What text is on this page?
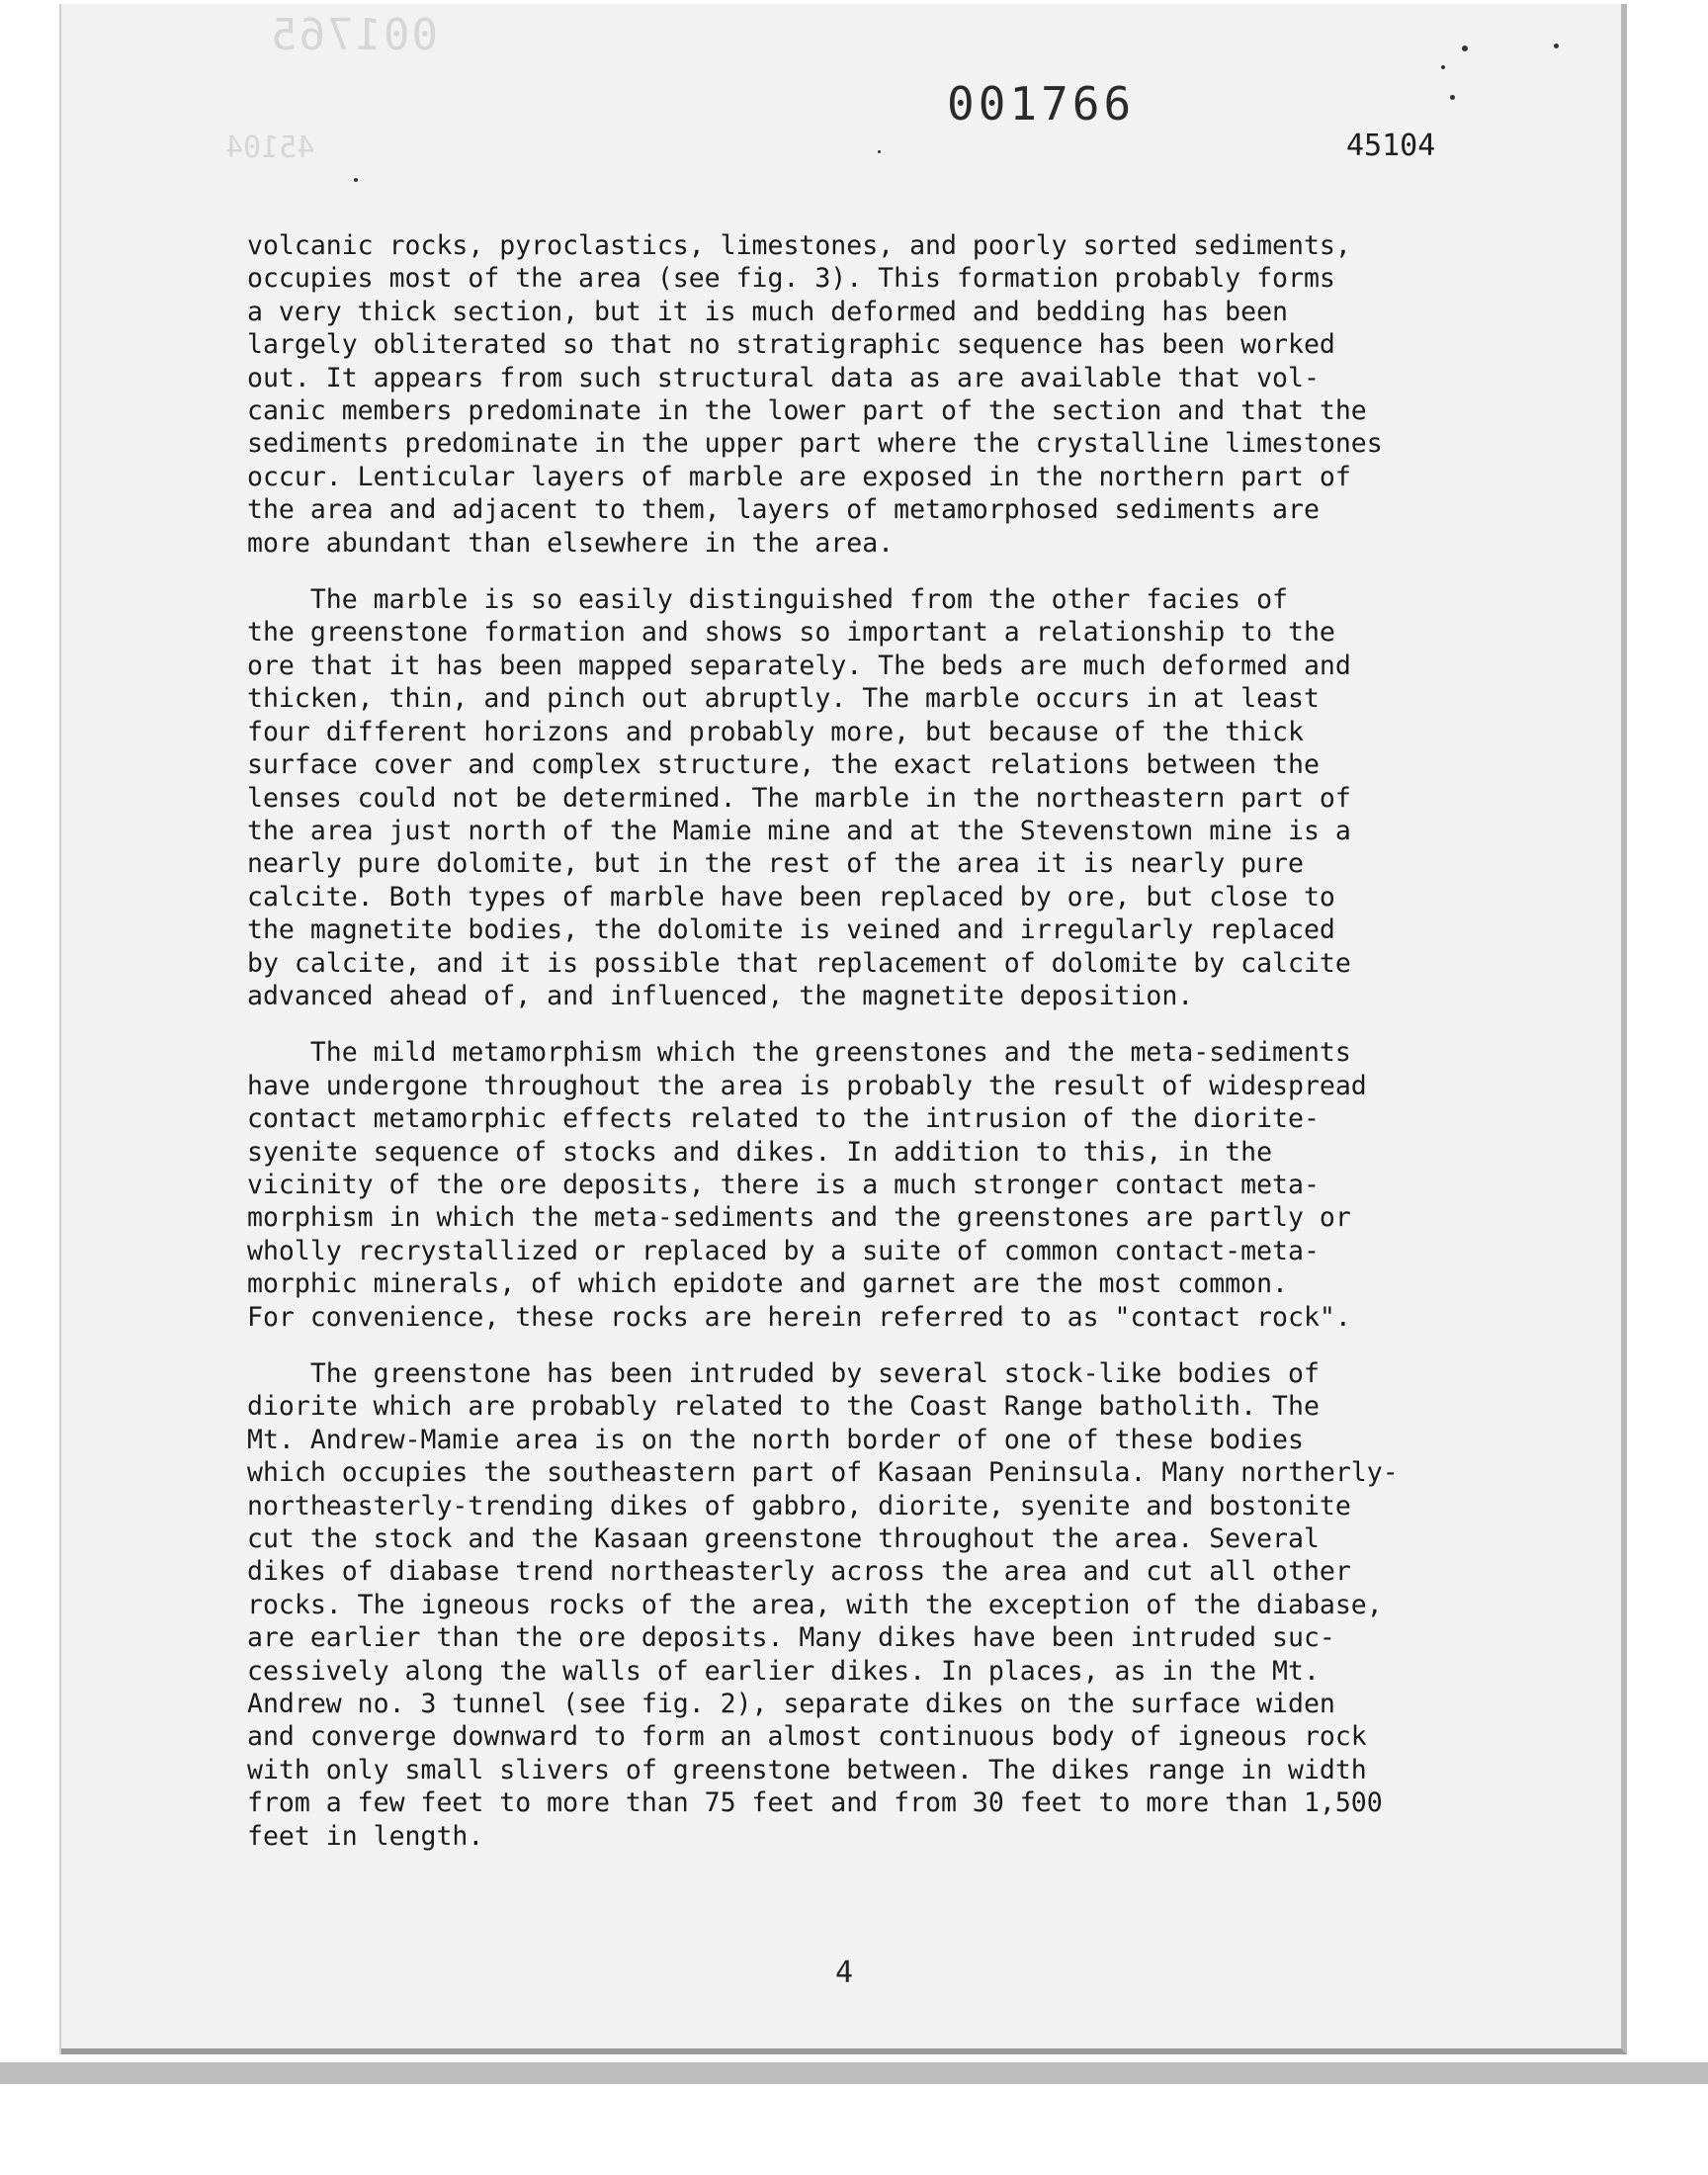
001765
45104
001766
45104
volcanic rocks, pyroclastics, limestones, and poorly sorted sediments,
occupies most of the area (see fig. 3). This formation probably forms
a very thick section, but it is much deformed and bedding has been
largely obliterated so that no stratigraphic sequence has been worked
out. It appears from such structural data as are available that vol-
canic members predominate in the lower part of the section and that the
sediments predominate in the upper part where the crystalline limestones
occur. Lenticular layers of marble are exposed in the northern part of
the area and adjacent to them, layers of metamorphosed sediments are
more abundant than elsewhere in the area.
The marble is so easily distinguished from the other facies of
the greenstone formation and shows so important a relationship to the
ore that it has been mapped separately. The beds are much deformed and
thicken, thin, and pinch out abruptly. The marble occurs in at least
four different horizons and probably more, but because of the thick
surface cover and complex structure, the exact relations between the
lenses could not be determined. The marble in the northeastern part of
the area just north of the Mamie mine and at the Stevenstown mine is a
nearly pure dolomite, but in the rest of the area it is nearly pure
calcite. Both types of marble have been replaced by ore, but close to
the magnetite bodies, the dolomite is veined and irregularly replaced
by calcite, and it is possible that replacement of dolomite by calcite
advanced ahead of, and influenced, the magnetite deposition.
The mild metamorphism which the greenstones and the meta-sediments
have undergone throughout the area is probably the result of widespread
contact metamorphic effects related to the intrusion of the diorite-
syenite sequence of stocks and dikes. In addition to this, in the
vicinity of the ore deposits, there is a much stronger contact meta-
morphism in which the meta-sediments and the greenstones are partly or
wholly recrystallized or replaced by a suite of common contact-meta-
morphic minerals, of which epidote and garnet are the most common.
For convenience, these rocks are herein referred to as "contact rock".
The greenstone has been intruded by several stock-like bodies of
diorite which are probably related to the Coast Range batholith. The
Mt. Andrew-Mamie area is on the north border of one of these bodies
which occupies the southeastern part of Kasaan Peninsula. Many northerly-
northeasterly-trending dikes of gabbro, diorite, syenite and bostonite
cut the stock and the Kasaan greenstone throughout the area. Several
dikes of diabase trend northeasterly across the area and cut all other
rocks. The igneous rocks of the area, with the exception of the diabase,
are earlier than the ore deposits. Many dikes have been intruded suc-
cessively along the walls of earlier dikes. In places, as in the Mt.
Andrew no. 3 tunnel (see fig. 2), separate dikes on the surface widen
and converge downward to form an almost continuous body of igneous rock
with only small slivers of greenstone between. The dikes range in width
from a few feet to more than 75 feet and from 30 feet to more than 1,500
feet in length.
4
